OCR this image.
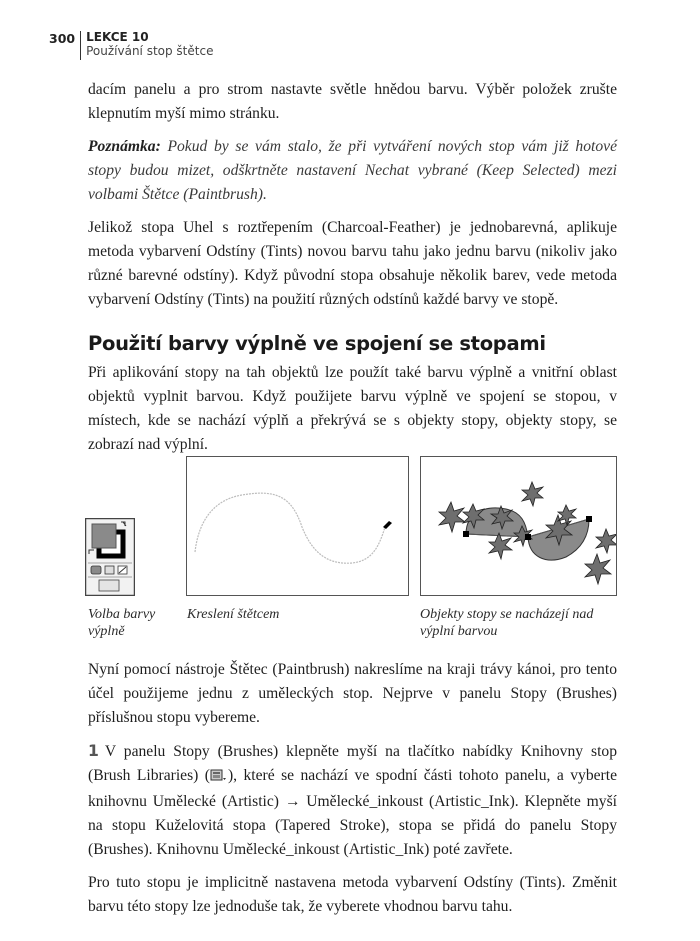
300 LEKCE 10
Používání stop štětce

dacím panelu a pro strom nastavte světle hnědou barvu. Výběr položek zrušte klepnutím myší mimo stránku.

Poznámka: Pokud by se vám stalo, že při vytváření nových stop vám již hotové stopy budou mizet, odškrtněte nastavení Nechat vybrané (Keep Selected) mezi volbami Štětce (Paintbrush).

Jelikož stopa Uhel s roztřepením (Charcoal-Feather) je jednobarevná, aplikuje metoda vybarvení Odstíny (Tints) novou barvu tahu jako jednu barvu (nikoliv jako různé barevné odstíny). Když původní stopa obsahuje několik barev, vede metoda vybarvení Odstíny (Tints) na použití různých odstínů každé barvy ve stopě.

Použití barvy výplně ve spojení se stopami

Při aplikování stopy na tah objektů lze použít také barvu výplně a vnitřní oblast objektů vyplnit barvou. Když použijete barvu výplně ve spojení se stopou, v místech, kde se nachází výplň a překrývá se s objekty stopy, objekty stopy, se zobrazí nad výplní.

Volba barvy výplně
Kreslení štětcem	Objekty stopy se nacházejí nad výplní barvou

Nyní pomocí nástroje Štětec (Paintbrush) nakreslíme na kraji trávy kánoi, pro tento účel použijeme jednu z uměleckých stop. Nejprve v panelu Stopy (Brushes) příslušnou stopu vybereme.

1 V panelu Stopy (Brushes) klepněte myší na tlačítko nabídky Knihovny stop (Brush Libraries) ( ), které se nachází ve spodní části tohoto panelu, a vyberte knihovnu Umělecké (Artistic) → Umělecké_inkoust (Artistic_Ink). Klepněte myší na stopu Kuželovitá stopa (Tapered Stroke), stopa se přidá do panelu Stopy (Brushes). Knihovnu Umělecké_inkoust (Artistic_Ink) poté zavřete.

Pro tuto stopu je implicitně nastavena metoda vybarvení Odstíny (Tints). Změnit barvu této stopy lze jednoduše tak, že vyberete vhodnou barvu tahu.
